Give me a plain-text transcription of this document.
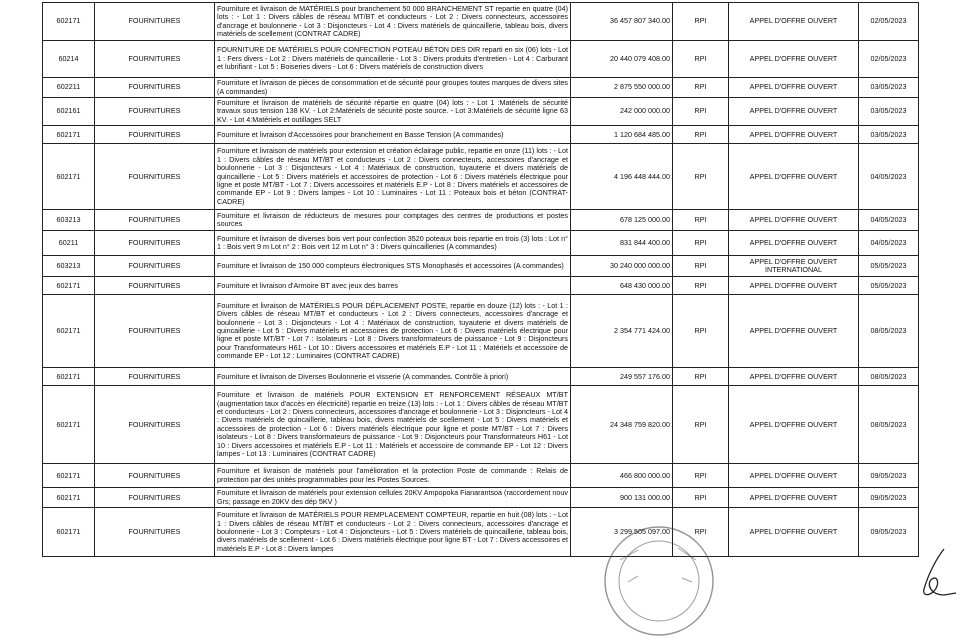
602171	FOURNITURES	Fourniture et livraison de MATÉRIELS pour branchement 50 000 BRANCHEMENT ST repartie en quatre (04) lots : - Lot 1 : Divers câbles de réseau MT/BT et conducteurs - Lot 2 : Divers connecteurs, accessoires d'ancrage et boulonnerie - Lot 3 : Disjoncteurs - Lot 4 : Divers matériels de quincaillerie, tableau bois, divers matériels de scellement (CONTRAT CADRE)	36 457 807 340.00	RPI	APPEL D'OFFRE OUVERT	02/05/2023
60214	FOURNITURES	FOURNITURE DE MATÉRIELS POUR CONFECTION POTEAU BÉTON DES DIR reparti en six (06) lots - Lot 1 : Fers divers - Lot 2 : Divers matériels de quincaillerie - Lot 3 : Divers produits d'entretien - Lot 4 : Carburant et lubrifiant - Lot 5 : Boiseries divers - Lot 6 : Divers matériels de construction divers	20 440 079 408.00	RPI	APPEL D'OFFRE OUVERT	02/05/2023
602211	FOURNITURES	Fourniture et livraison de pièces de consommation et de sécurité pour groupes toutes marques de divers sites (A commandes)	2 875 550 000.00	RPI	APPEL D'OFFRE OUVERT	03/05/2023
602161	FOURNITURES	Fourniture et livraison de matériels de sécurité répartie en quatre (04) lots : - Lot 1 :Matériels de sécurité travaux sous tension 138 KV. - Lot 2:Matériels de sécurité poste source. - Lot 3:Matériels de sécurité ligne 63 KV. - Lot 4:Matériels et outillages SELT	242 000 000.00	RPI	APPEL D'OFFRE OUVERT	03/05/2023
602171	FOURNITURES	Fourniture et livraison d'Accessoires pour branchement en Basse Tension (A commandes)	1 120 684 485.00	RPI	APPEL D'OFFRE OUVERT	03/05/2023
602171	FOURNITURES	Fourniture et livraison de matériels pour extension et création éclairage public, repartie en onze (11) lots : - Lot 1 : Divers câbles de réseau MT/BT et conducteurs - Lot 2 : Divers connecteurs, accessoires d'ancrage et boulonnerie - Lot 3 : Disjoncteurs - Lot 4 : Matériaux de construction, tuyauterie et divers matériels de quincaillerie - Lot 5 : Divers matériels et accessoires de protection - Lot 6 : Divers matériels électrique pour ligne et poste MT/BT - Lot 7 : Divers accessoires et matériels E.P - Lot 8 : Divers matériels et accessoires de commande EP - Lot 9 : Divers lampes - Lot 10 : Luminaires - Lot 11 : Poteaux bois et béton (CONTRAT-CADRE)	4 196 448 444.00	RPI	APPEL D'OFFRE OUVERT	04/05/2023
603213	FOURNITURES	Fourniture et livraison de réducteurs de mesures pour comptages des centres de productions et postes sources	678 125 000.00	RPI	APPEL D'OFFRE OUVERT	04/05/2023
60211	FOURNITURES	Fourniture et livraison de diverses bois vert pour confection 3520 poteaux bois repartie en trois (3) lots : Lot n° 1 : Bois vert 9 m Lot n° 2 : Bois vert 12 m Lot n° 3 : Divers quincailleries (A commandes)	831 844 400.00	RPI	APPEL D'OFFRE OUVERT	04/05/2023
603213	FOURNITURES	Fourniture et livraison de 150 000 compteurs électroniques STS Monophasés et accessoires (A commandes)	30 240 000 000.00	RPI	APPEL D'OFFRE OUVERT INTERNATIONAL	05/05/2023
602171	FOURNITURES	Fourniture et livraison d'Armoire BT avec jeux des barres	648 430 000.00	RPI	APPEL D'OFFRE OUVERT	05/05/2023
602171	FOURNITURES	Fourniture et livraison de MATÉRIELS POUR DÉPLACEMENT POSTE, repartie en douze (12) lots : - Lot 1 : Divers câbles de réseau MT/BT et conducteurs - Lot 2 : Divers connecteurs, accessoires d'ancrage et boulonnerie - Lot 3 : Disjoncteurs - Lot 4 : Matériaux de construction, tuyauterie et divers matériels de quincaillerie - Lot 5 : Divers matériels et accessoires de protection - Lot 6 : Divers matériels électrique pour ligne et poste MT/BT - Lot 7 : Isolateurs - Lot 8 : Divers transformateurs de puissance - Lot 9 : Disjoncteurs pour Transformateurs H61 - Lot 10 : Divers accessoires et matériels E.P - Lot 11 : Matériels et accessoire de commande EP - Lot 12 : Luminaires (CONTRAT CADRE)	2 354 771 424.00	RPI	APPEL D'OFFRE OUVERT	08/05/2023
602171	FOURNITURES	Fourniture et livraison de Diverses Boulonnerie et visserie (A commandes. Contrôle à priori)	249 557 176.00	RPI	APPEL D'OFFRE OUVERT	08/05/2023
602171	FOURNITURES	Fourniture et livraison de matériels POUR EXTENSION ET RENFORCEMENT RÉSEAUX MT/BT (augmentation taux d'accès en électricité) repartie en treize (13) lots : - Lot 1 : Divers câbles de réseau MT/BT et conducteurs - Lot 2 : Divers connecteurs, accessoires d'ancrage et boulonnerie - Lot 3 : Disjoncteurs - Lot 4 : Divers matériels de quincaillerie, tableau bois, divers matériels de scellement - Lot 5 : Divers matériels et accessoires de protection - Lot 6 : Divers matériels électrique pour ligne et poste MT/BT - Lot 7 : Divers isolateurs - Lot 8 : Divers transformateurs de puissance - Lot 9 : Disjoncteurs pour Transformateurs H61 - Lot 10 : Divers accessoires et matériels E.P - Lot 11 : Matériels et accessoire de commande EP - Lot 12 : Divers lampes - Lot 13 : Luminaires (CONTRAT CADRE)	24 348 759 820.00	RPI	APPEL D'OFFRE OUVERT	08/05/2023
602171	FOURNITURES	Fourniture et livraison de matériels pour l'amélioration et la protection Poste de commande : Relais de protection par des unités programmables pour les Postes Sources.	466 800 000.00	RPI	APPEL D'OFFRE OUVERT	09/05/2023
602171	FOURNITURES	Fourniture et livraison de matériels pour extension cellules 20KV Ampopoka Fianarantsoa (raccordement nouv Grs; passage en 20KV des dép 5KV )	900 131 000.00	RPI	APPEL D'OFFRE OUVERT	09/05/2023
602171	FOURNITURES	Fourniture et livraison de MATÉRIELS POUR REMPLACEMENT COMPTEUR, repartie en huit (08) lots : - Lot 1 : Divers câbles de réseau MT/BT et conducteurs - Lot 2 : Divers connecteurs, accessoires d'ancrage et boulonnerie - Lot 3 : Compteurs - Lot 4 : Disjoncteurs - Lot 5 : Divers matériels de quincaillerie, tableau bois, divers matériels de scellement - Lot 6 : Divers matériels électrique pour ligne BT - Lot 7 : Divers accessoires et matériels E.P - Lot 8 : Divers lampes	3 299 505 097.00	RPI	APPEL D'OFFRE OUVERT	09/05/2023
